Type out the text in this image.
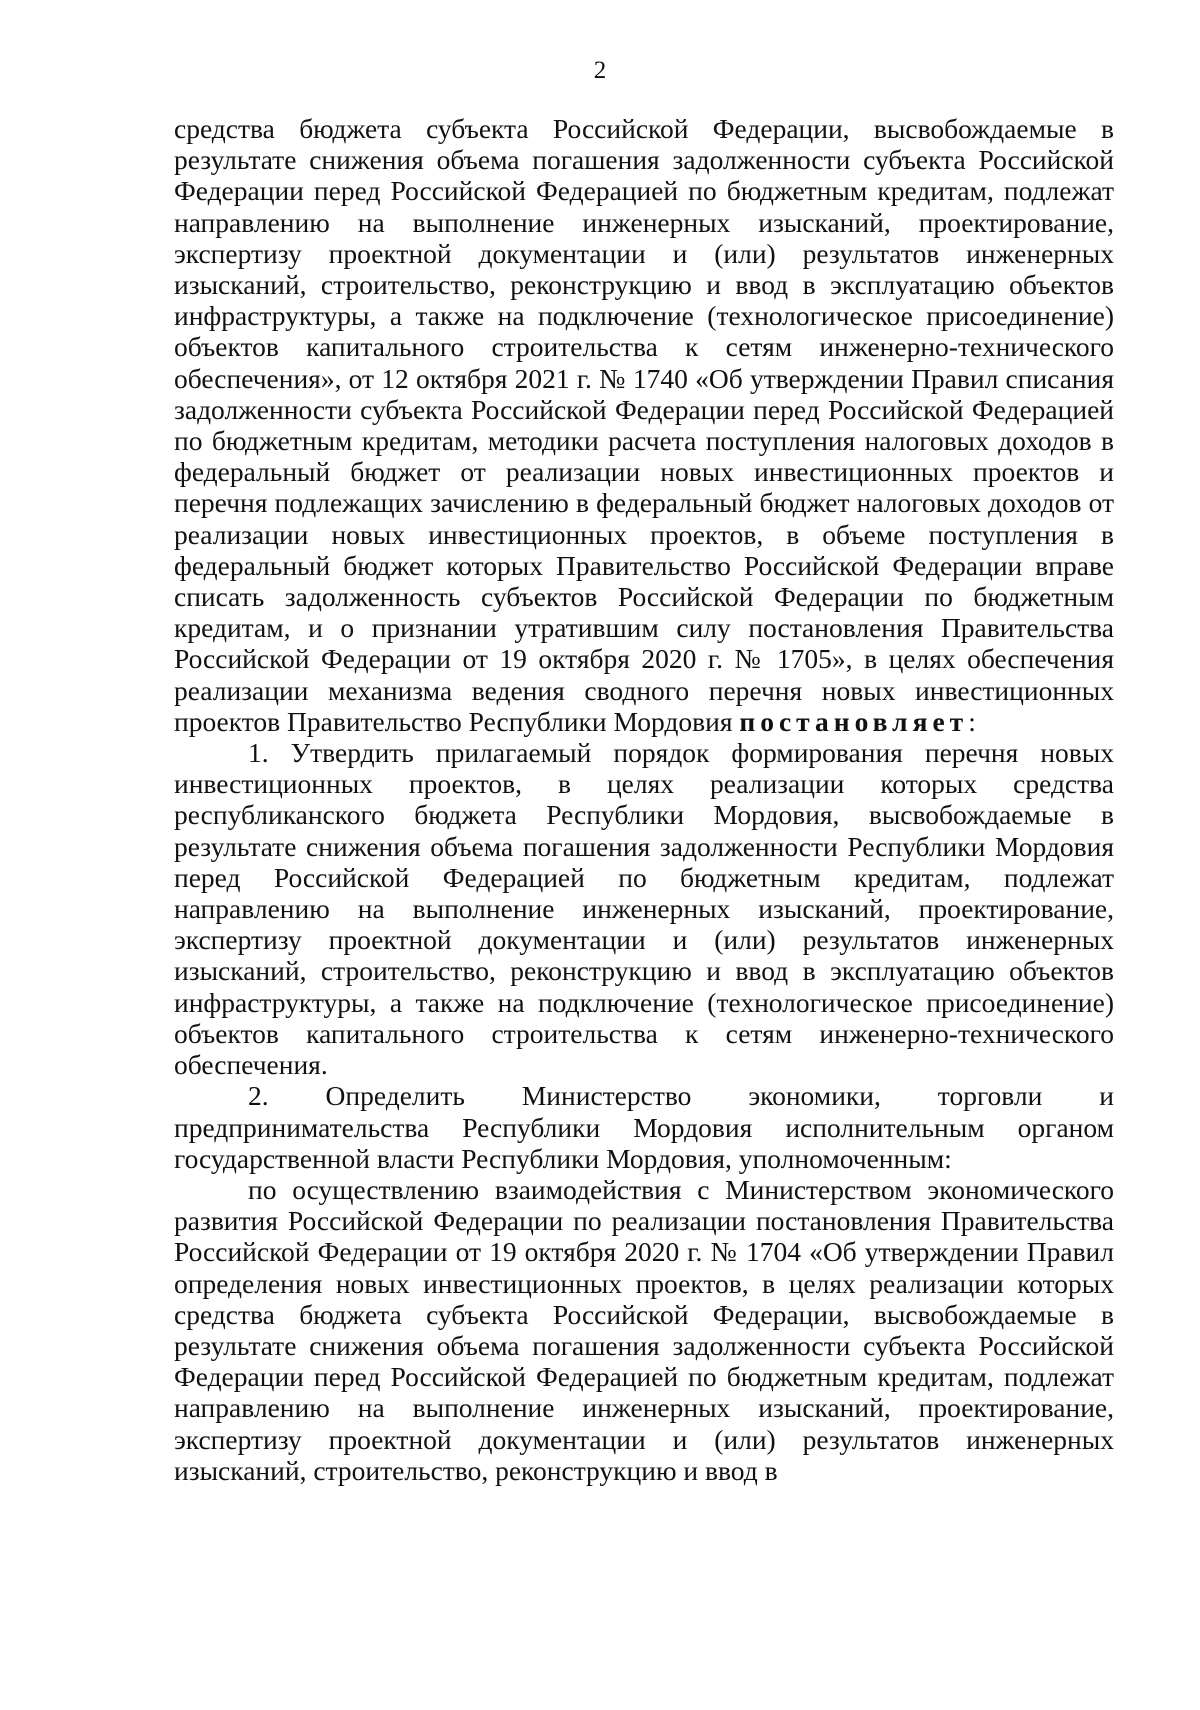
2

средства бюджета субъекта Российской Федерации, высвобождаемые в результате снижения объема погашения задолженности субъекта Российской Федерации перед Российской Федерацией по бюджетным кредитам, подлежат направлению на выполнение инженерных изысканий, проектирование, экспертизу проектной документации и (или) результатов инженерных изысканий, строительство, реконструкцию и ввод в эксплуатацию объектов инфраструктуры, а также на подключение (технологическое присоединение) объектов капитального строительства к сетям инженерно-технического обеспечения», от 12 октября 2021 г. № 1740 «Об утверждении Правил списания задолженности субъекта Российской Федерации перед Российской Федерацией по бюджетным кредитам, методики расчета поступления налоговых доходов в федеральный бюджет от реализации новых инвестиционных проектов и перечня подлежащих зачислению в федеральный бюджет налоговых доходов от реализации новых инвестиционных проектов, в объеме поступления в федеральный бюджет которых Правительство Российской Федерации вправе списать задолженность субъектов Российской Федерации по бюджетным кредитам, и о признании утратившим силу постановления Правительства Российской Федерации от 19 октября 2020 г. № 1705», в целях обеспечения реализации механизма ведения сводного перечня новых инвестиционных проектов Правительство Республики Мордовия постановляет:

1. Утвердить прилагаемый порядок формирования перечня новых инвестиционных проектов, в целях реализации которых средства республиканского бюджета Республики Мордовия, высвобождаемые в результате снижения объема погашения задолженности Республики Мордовия перед Российской Федерацией по бюджетным кредитам, подлежат направлению на выполнение инженерных изысканий, проектирование, экспертизу проектной документации и (или) результатов инженерных изысканий, строительство, реконструкцию и ввод в эксплуатацию объектов инфраструктуры, а также на подключение (технологическое присоединение) объектов капитального строительства к сетям инженерно-технического обеспечения.

2. Определить Министерство экономики, торговли и предпринимательства Республики Мордовия исполнительным органом государственной власти Республики Мордовия, уполномоченным:

по осуществлению взаимодействия с Министерством экономического развития Российской Федерации по реализации постановления Правительства Российской Федерации от 19 октября 2020 г. № 1704 «Об утверждении Правил определения новых инвестиционных проектов, в целях реализации которых средства бюджета субъекта Российской Федерации, высвобождаемые в результате снижения объема погашения задолженности субъекта Российской Федерации перед Российской Федерацией по бюджетным кредитам, подлежат направлению на выполнение инженерных изысканий, проектирование, экспертизу проектной документации и (или) результатов инженерных изысканий, строительство, реконструкцию и ввод в
